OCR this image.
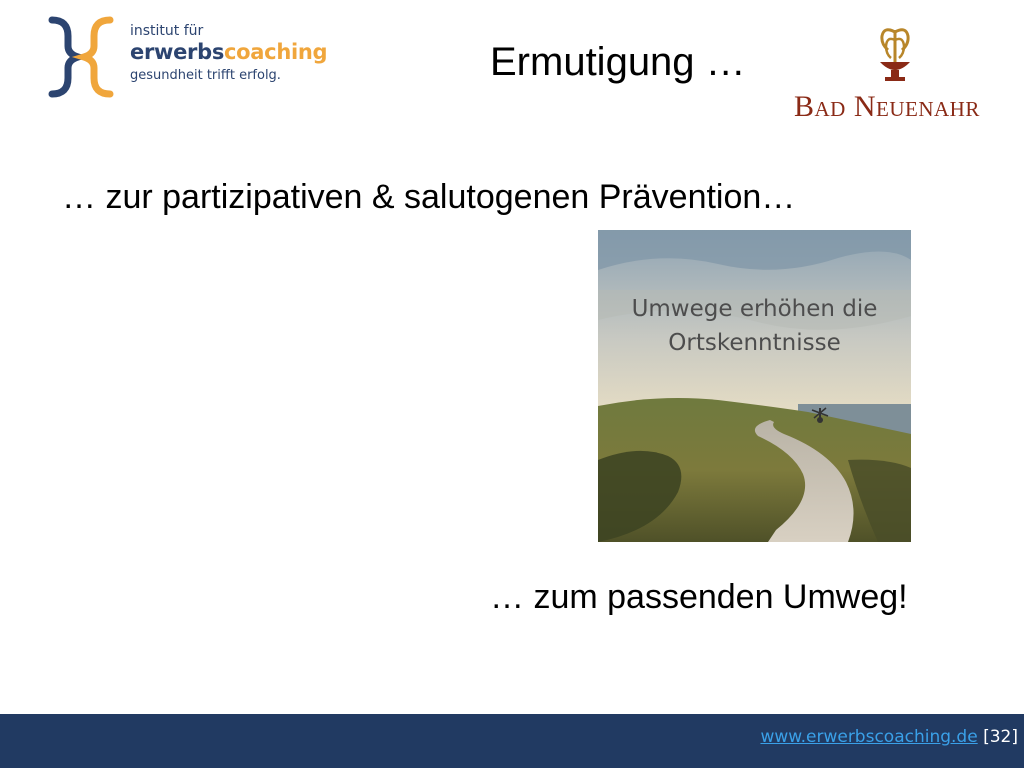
institut für
erwerbscoaching
gesundheit trifft erfolg.	Ermutigung …
Bad Neuenahr
… zur partizipativen & salutogenen Prävention…
Umwege erhöhen die
Ortskenntnisse
… zum passenden Umweg!
www.erwerbscoaching.de [32]
